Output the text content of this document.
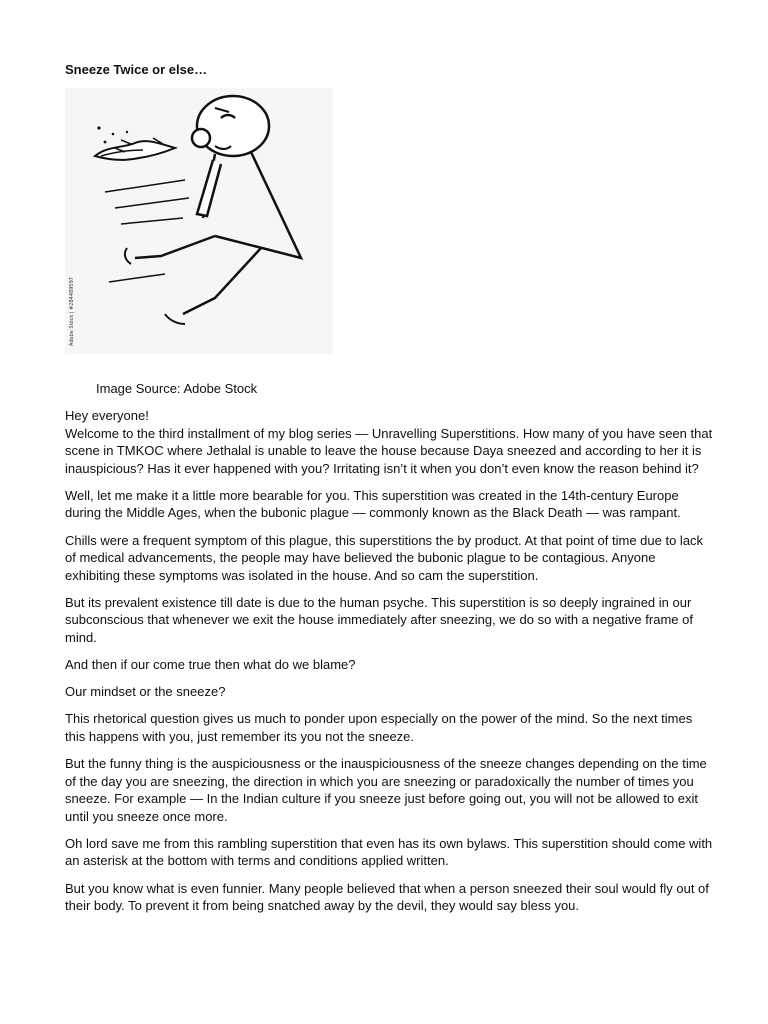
Sneeze Twice or else…
Adobe Stock | #284489597
Image Source: Adobe Stock

Hey everyone!

Welcome to the third installment of my blog series — Unravelling Superstitions. How many of you have seen that scene in TMKOC where Jethalal is unable to leave the house because Daya sneezed and according to her it is inauspicious? Has it ever happened with you? Irritating isn’t it when you don’t even know the reason behind it?

Well, let me make it a little more bearable for you. This superstition was created in the 14th-century Europe during the Middle Ages, when the bubonic plague — commonly known as the Black Death — was rampant.

Chills were a frequent symptom of this plague, this superstitions the by product. At that point of time due to lack of medical advancements, the people may have believed the bubonic plague to be contagious. Anyone exhibiting these symptoms was isolated in the house. And so cam the superstition.

But its prevalent existence till date is due to the human psyche. This superstition is so deeply ingrained in our subconscious that whenever we exit the house immediately after sneezing, we do so with a negative frame of mind.

And then if our come true then what do we blame?

Our mindset or the sneeze?

This rhetorical question gives us much to ponder upon especially on the power of the mind. So the next times this happens with you, just remember its you not the sneeze.

But the funny thing is the auspiciousness or the inauspiciousness of the sneeze changes depending on the time of the day you are sneezing, the direction in which you are sneezing or paradoxically the number of times you sneeze. For example — In the Indian culture if you sneeze just before going out, you will not be allowed to exit until you sneeze once more.

Oh lord save me from this rambling superstition that even has its own bylaws. This superstition should come with an asterisk at the bottom with terms and conditions applied written.

But you know what is even funnier. Many people believed that when a person sneezed their soul would fly out of their body. To prevent it from being snatched away by the devil, they would say bless you.
